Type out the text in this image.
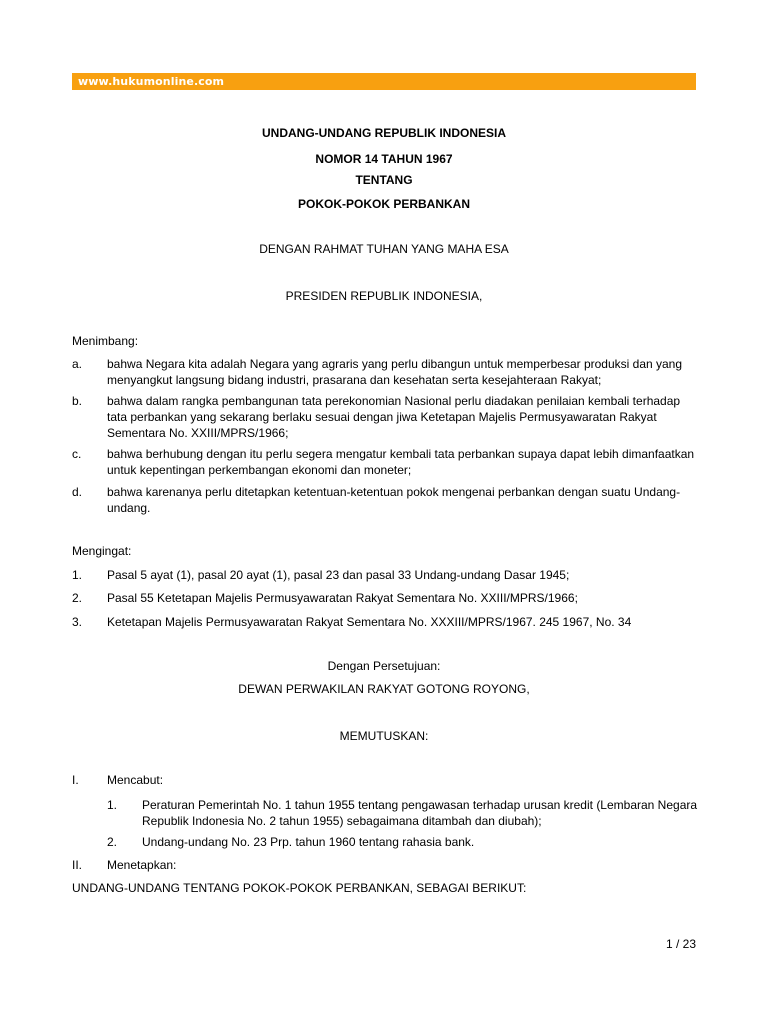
www.hukumonline.com
UNDANG-UNDANG REPUBLIK INDONESIA
NOMOR 14 TAHUN 1967
TENTANG
POKOK-POKOK PERBANKAN
DENGAN RAHMAT TUHAN YANG MAHA ESA
PRESIDEN REPUBLIK INDONESIA,
Menimbang:
a. bahwa Negara kita adalah Negara yang agraris yang perlu dibangun untuk memperbesar produksi dan yang menyangkut langsung bidang industri, prasarana dan kesehatan serta kesejahteraan Rakyat;
b. bahwa dalam rangka pembangunan tata perekonomian Nasional perlu diadakan penilaian kembali terhadap tata perbankan yang sekarang berlaku sesuai dengan jiwa Ketetapan Majelis Permusyawaratan Rakyat Sementara No. XXIII/MPRS/1966;
c. bahwa berhubung dengan itu perlu segera mengatur kembali tata perbankan supaya dapat lebih dimanfaatkan untuk kepentingan perkembangan ekonomi dan moneter;
d. bahwa karenanya perlu ditetapkan ketentuan-ketentuan pokok mengenai perbankan dengan suatu Undang-undang.
Mengingat:
1. Pasal 5 ayat (1), pasal 20 ayat (1), pasal 23 dan pasal 33 Undang-undang Dasar 1945;
2. Pasal 55 Ketetapan Majelis Permusyawaratan Rakyat Sementara No. XXIII/MPRS/1966;
3. Ketetapan Majelis Permusyawaratan Rakyat Sementara No. XXXIII/MPRS/1967. 245 1967, No. 34
Dengan Persetujuan:
DEWAN PERWAKILAN RAKYAT GOTONG ROYONG,
MEMUTUSKAN:
I. Mencabut:
1. Peraturan Pemerintah No. 1 tahun 1955 tentang pengawasan terhadap urusan kredit (Lembaran Negara Republik Indonesia No. 2 tahun 1955) sebagaimana ditambah dan diubah);
2. Undang-undang No. 23 Prp. tahun 1960 tentang rahasia bank.
II. Menetapkan:
UNDANG-UNDANG TENTANG POKOK-POKOK PERBANKAN, SEBAGAI BERIKUT:
1 / 23
